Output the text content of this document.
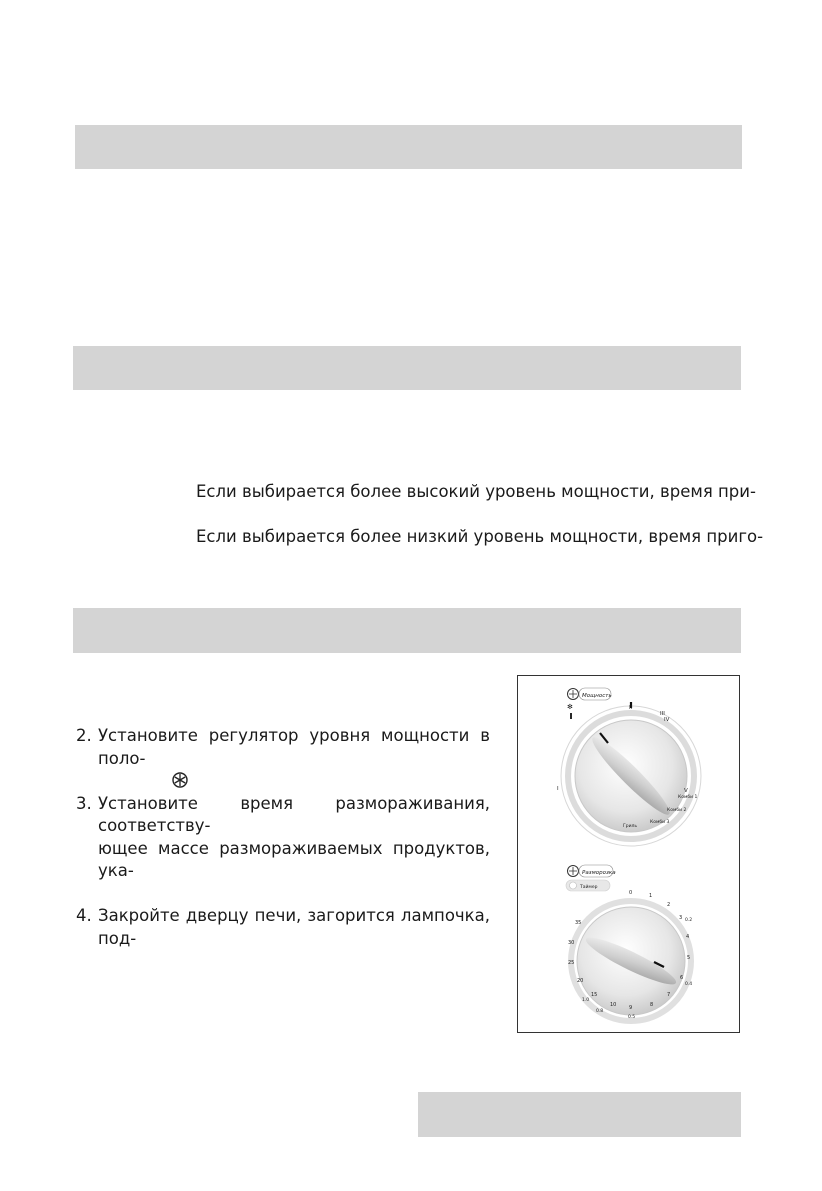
Если выбирается более высокий уровень мощности, время при-
Если выбирается более низкий уровень мощности, время приго-
2. Установите регулятор уровня мощности в поло-
3. Установите время размораживания, соответству-
ющее массе размораживаемых продуктов, ука-
4. Закройте дверцу печи, загорится лампочка, под-
Мощность
✻
I
II
III
IV
V
Комби 1
Комби 2
Комби 3
Гриль
Разморозка
Таймер
0	1
2
3
4
5
6
7
8
9
10
15
20
25
30
35	0.2
0.4
0.5
0.8
1.0
